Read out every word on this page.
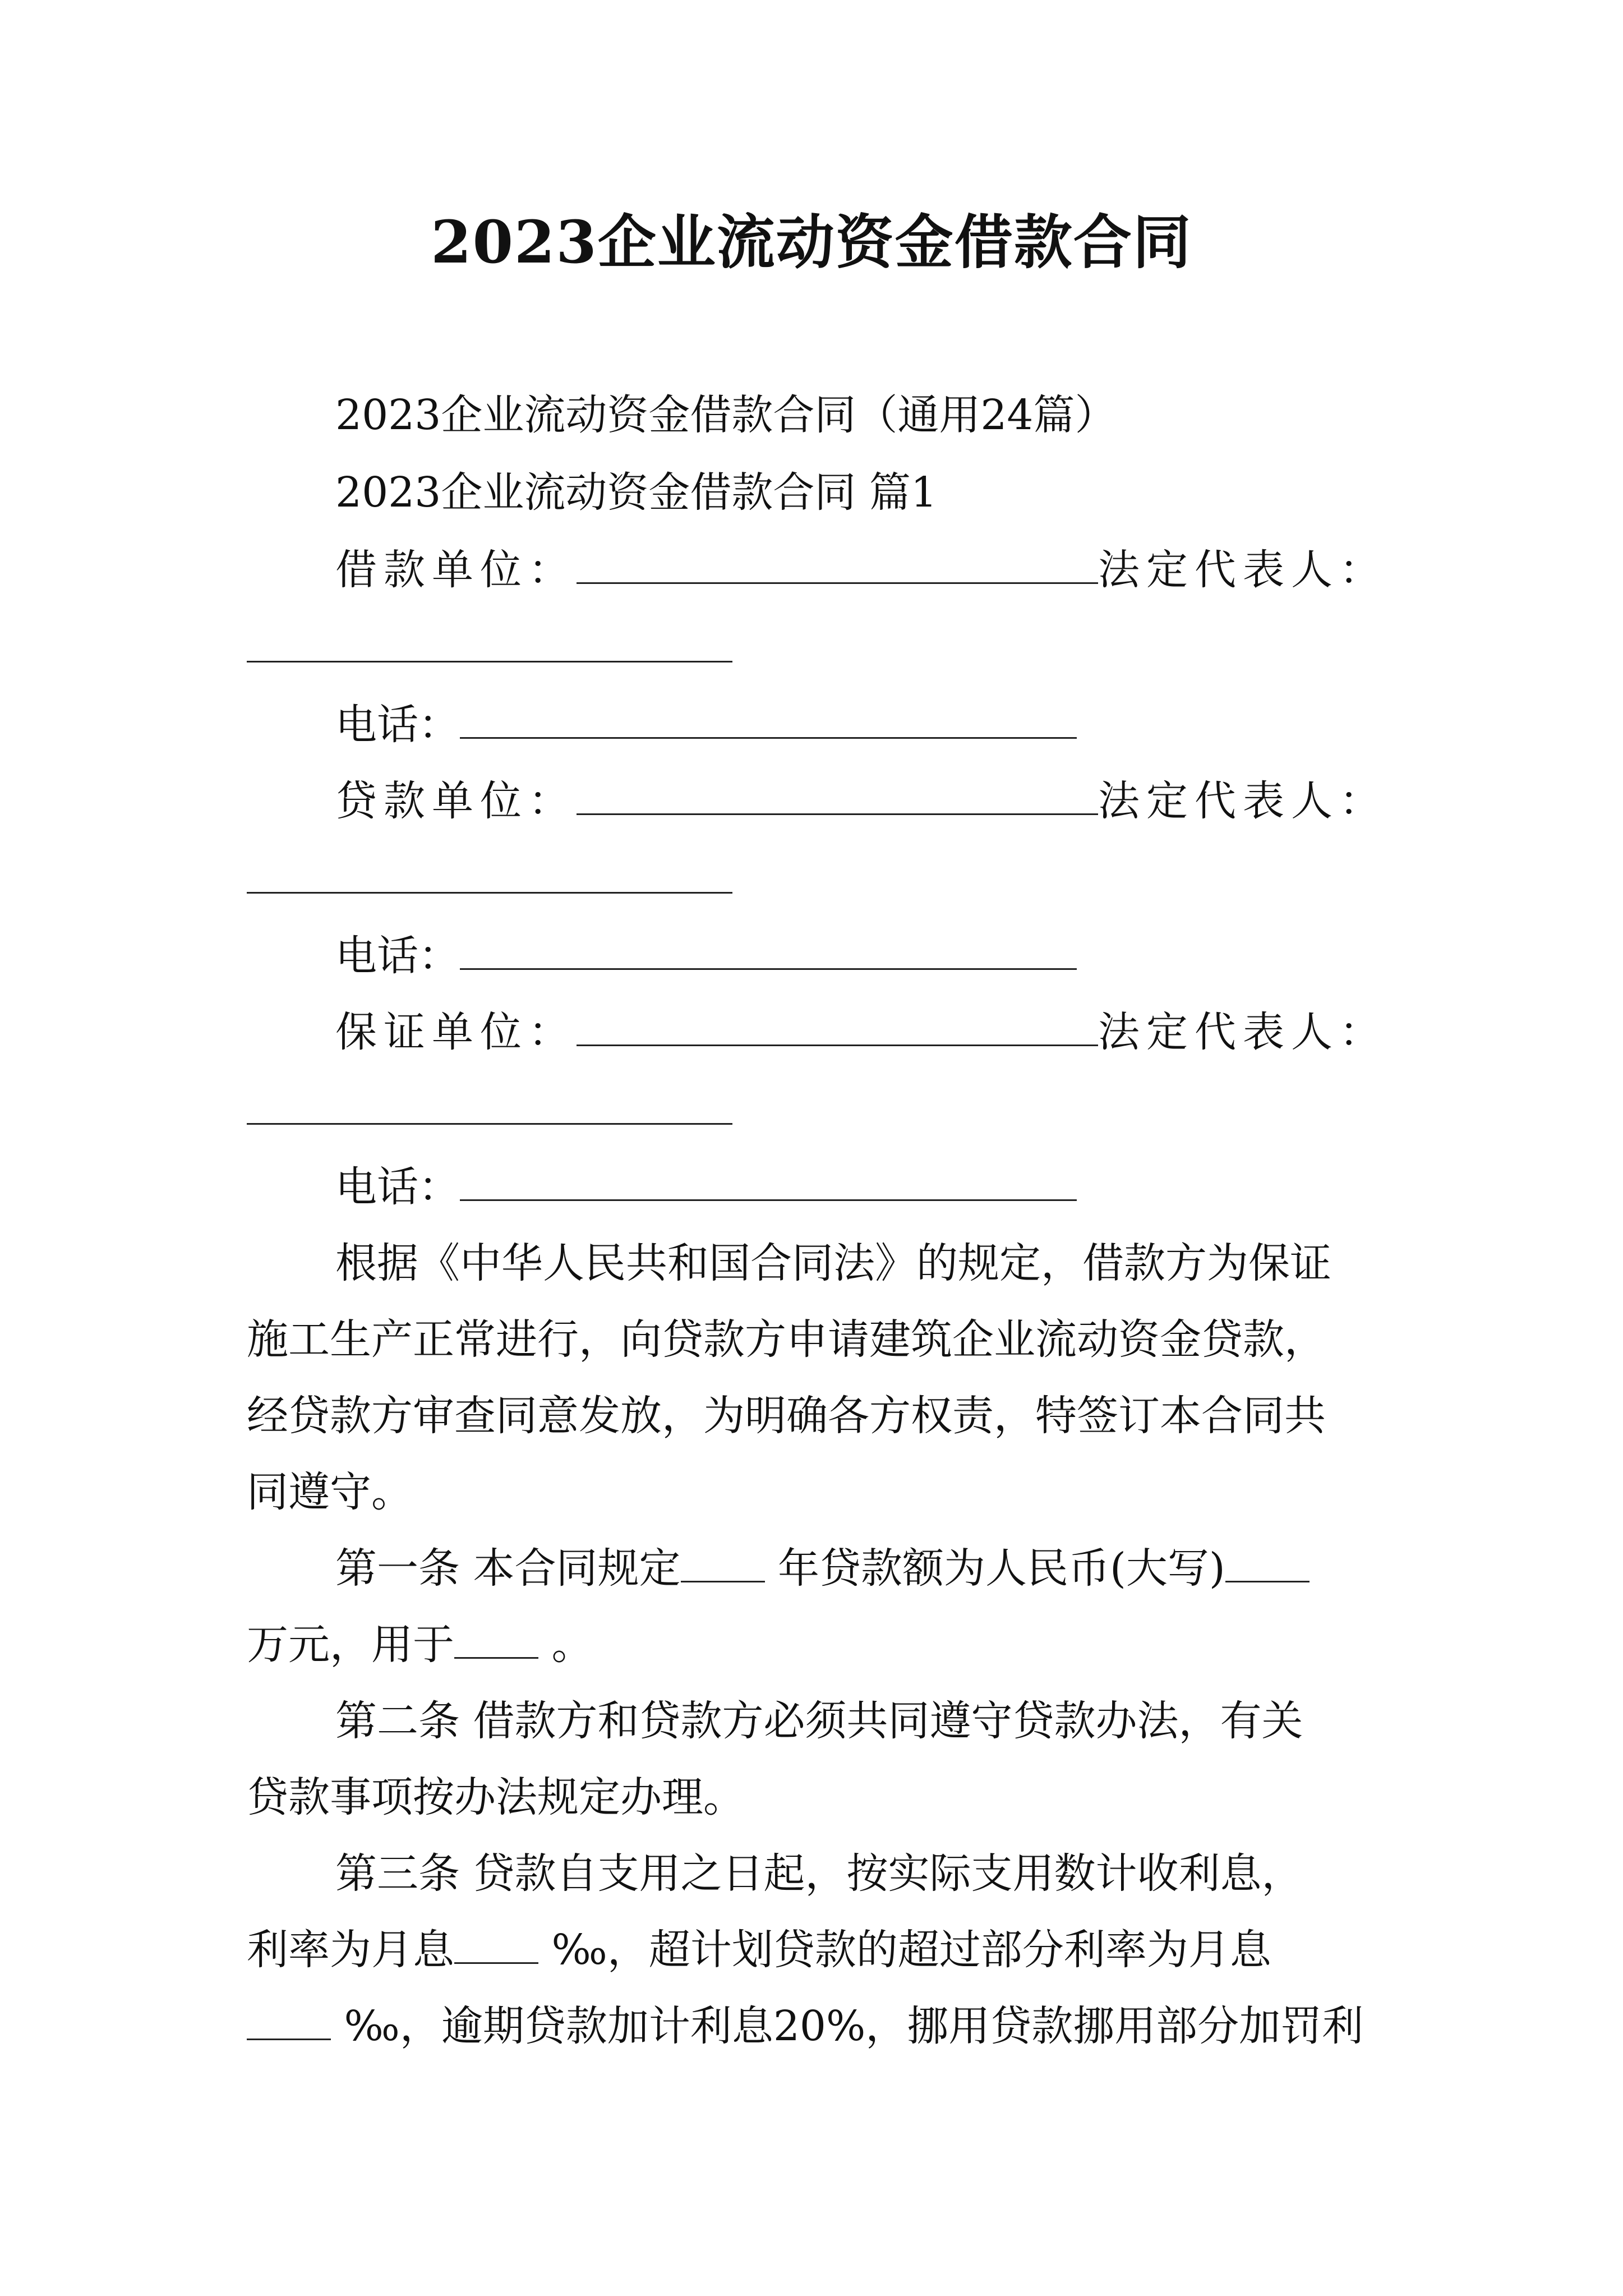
2023企业流动资金借款合同
2023企业流动资金借款合同（通用24篇）
2023企业流动资金借款合同 篇1
借款单位：	法定代表人：
电话：
贷款单位：	法定代表人：
电话：
保证单位：	法定代表人：
电话：
根据《中华人民共和国合同法》的规定，借款方为保证
施工生产正常进行，向贷款方申请建筑企业流动资金贷款，
经贷款方审查同意发放，为明确各方权责，特签订本合同共
同遵守。
第一条 本合同规定 年贷款额为人民币(大写)
万元，用于 。
第二条 借款方和贷款方必须共同遵守贷款办法，有关
贷款事项按办法规定办理。
第三条 贷款自支用之日起，按实际支用数计收利息，
利率为月息 ‰，超计划贷款的超过部分利率为月息
‰，逾期贷款加计利息20%，挪用贷款挪用部分加罚利
